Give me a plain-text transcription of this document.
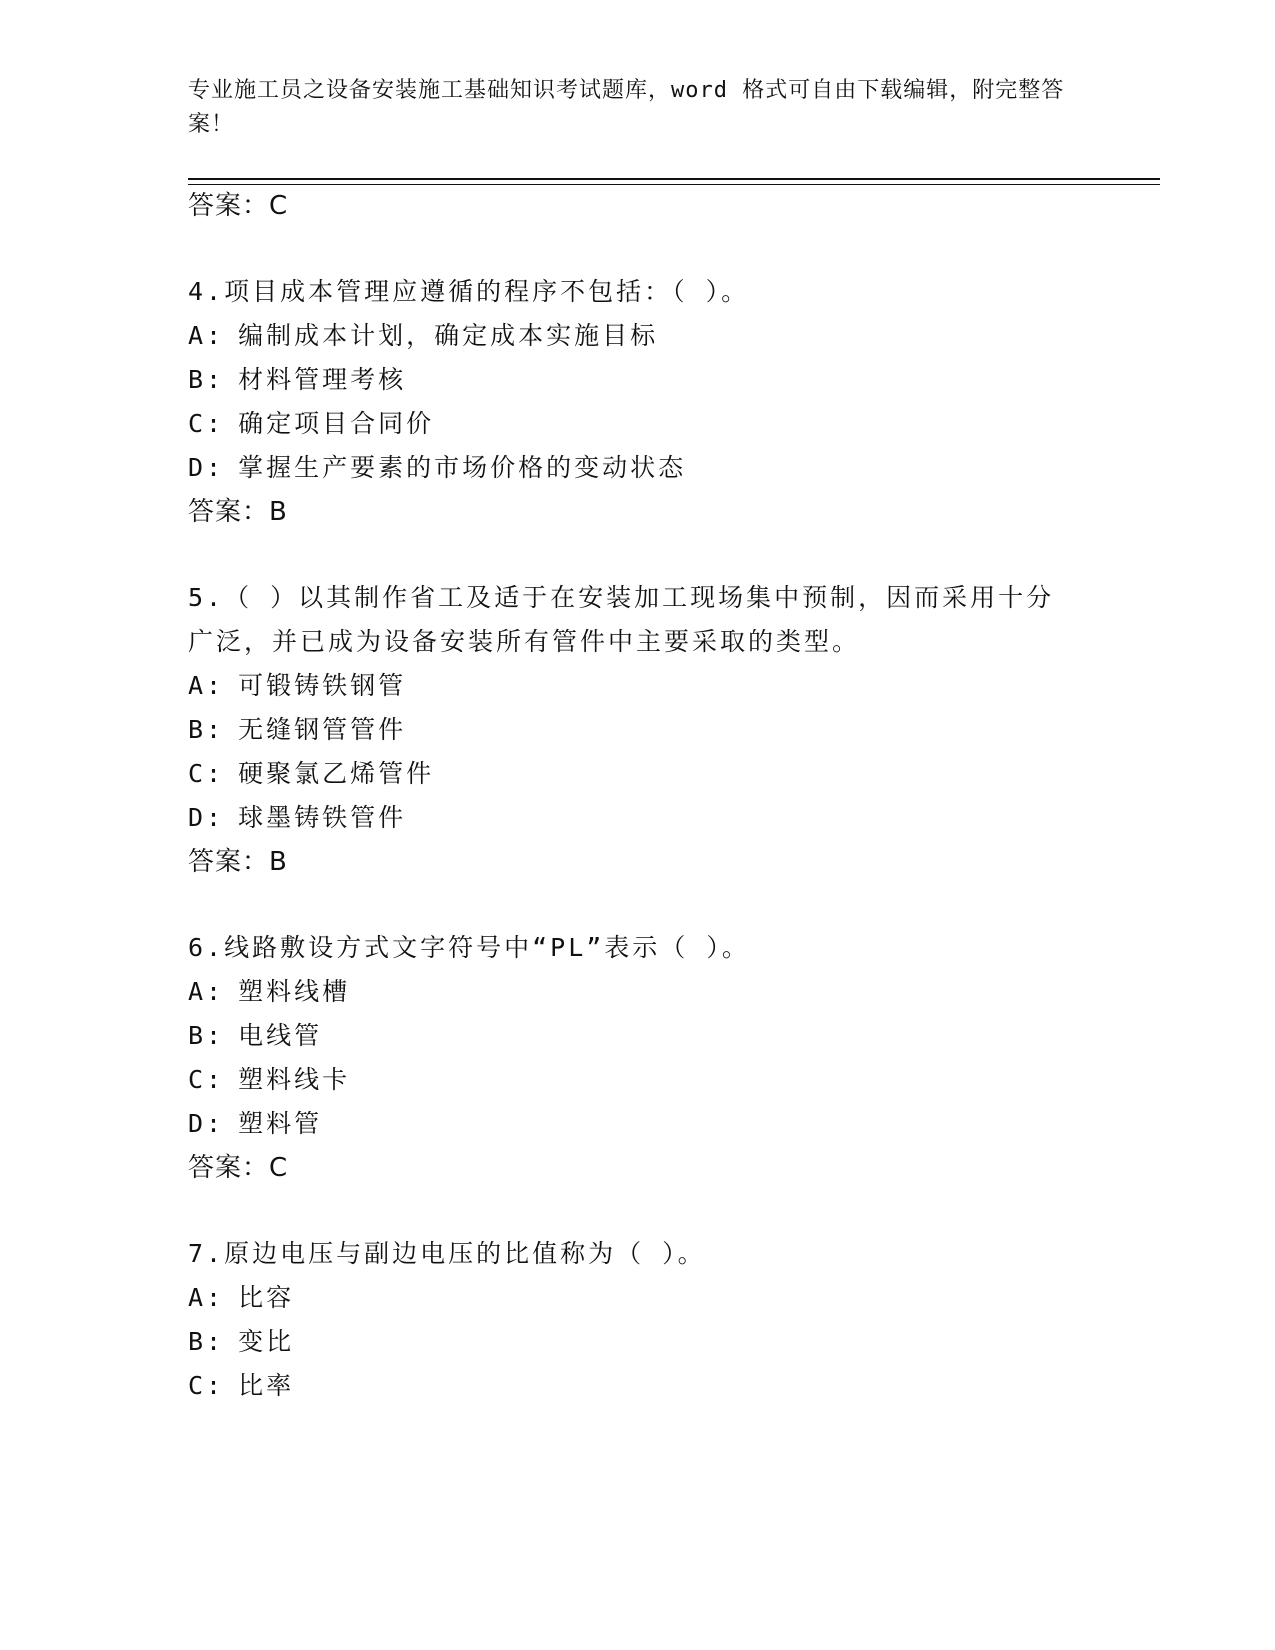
专业施工员之设备安装施工基础知识考试题库，word 格式可自由下载编辑，附完整答案！
答案：C
4.项目成本管理应遵循的程序不包括：（ ）。
A: 编制成本计划，确定成本实施目标
B: 材料管理考核
C: 确定项目合同价
D: 掌握生产要素的市场价格的变动状态
答案：B
5.（ ）以其制作省工及适于在安装加工现场集中预制，因而采用十分
广泛，并已成为设备安装所有管件中主要采取的类型。
A: 可锻铸铁钢管
B: 无缝钢管管件
C: 硬聚氯乙烯管件
D: 球墨铸铁管件
答案：B
6.线路敷设方式文字符号中“PL”表示（ ）。
A: 塑料线槽
B: 电线管
C: 塑料线卡
D: 塑料管
答案：C
7.原边电压与副边电压的比值称为（ ）。
A: 比容
B: 变比
C: 比率
